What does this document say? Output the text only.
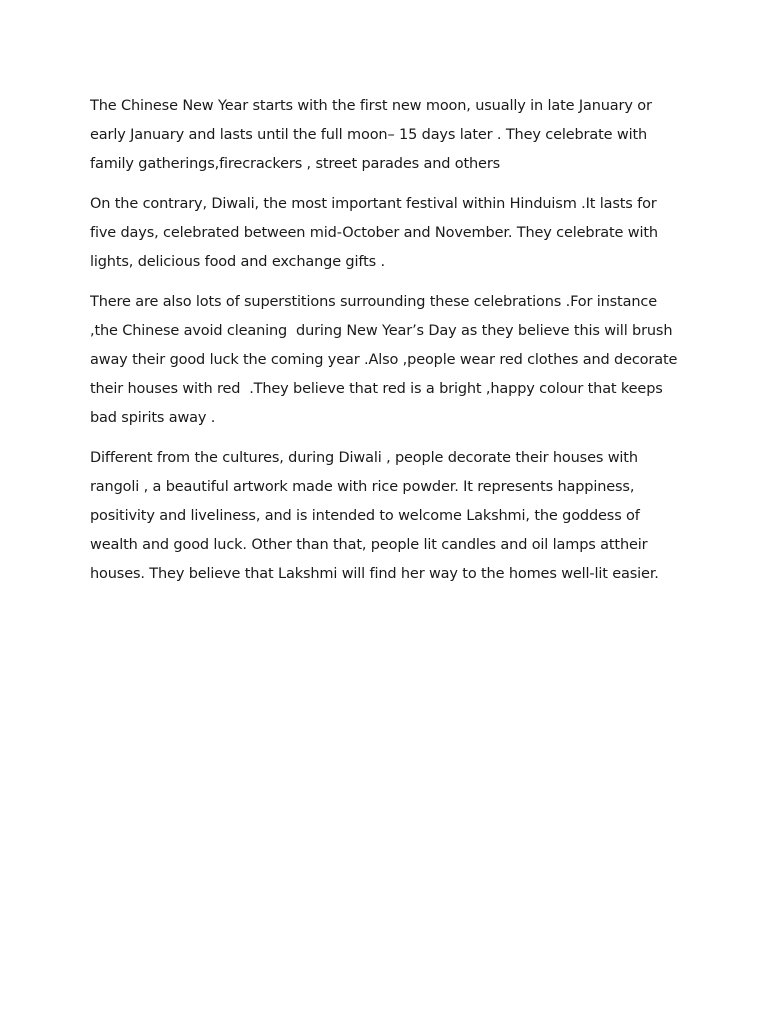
The Chinese New Year starts with the first new moon, usually in late January or early January and lasts until the full moon– 15 days later . They celebrate with family gatherings,firecrackers , street parades and others

On the contrary, Diwali, the most important festival within Hinduism .It lasts for five days, celebrated between mid-October and November. They celebrate with lights, delicious food and exchange gifts .

There are also lots of superstitions surrounding these celebrations .For instance ,the Chinese avoid cleaning  during New Year’s Day as they believe this will brush away their good luck the coming year .Also ,people wear red clothes and decorate their houses with red  .They believe that red is a bright ,happy colour that keeps bad spirits away .

Different from the cultures, during Diwali , people decorate their houses with rangoli , a beautiful artwork made with rice powder. It represents happiness, positivity and liveliness, and is intended to welcome Lakshmi, the goddess of wealth and good luck. Other than that, people lit candles and oil lamps attheir houses. They believe that Lakshmi will find her way to the homes well-lit easier.
